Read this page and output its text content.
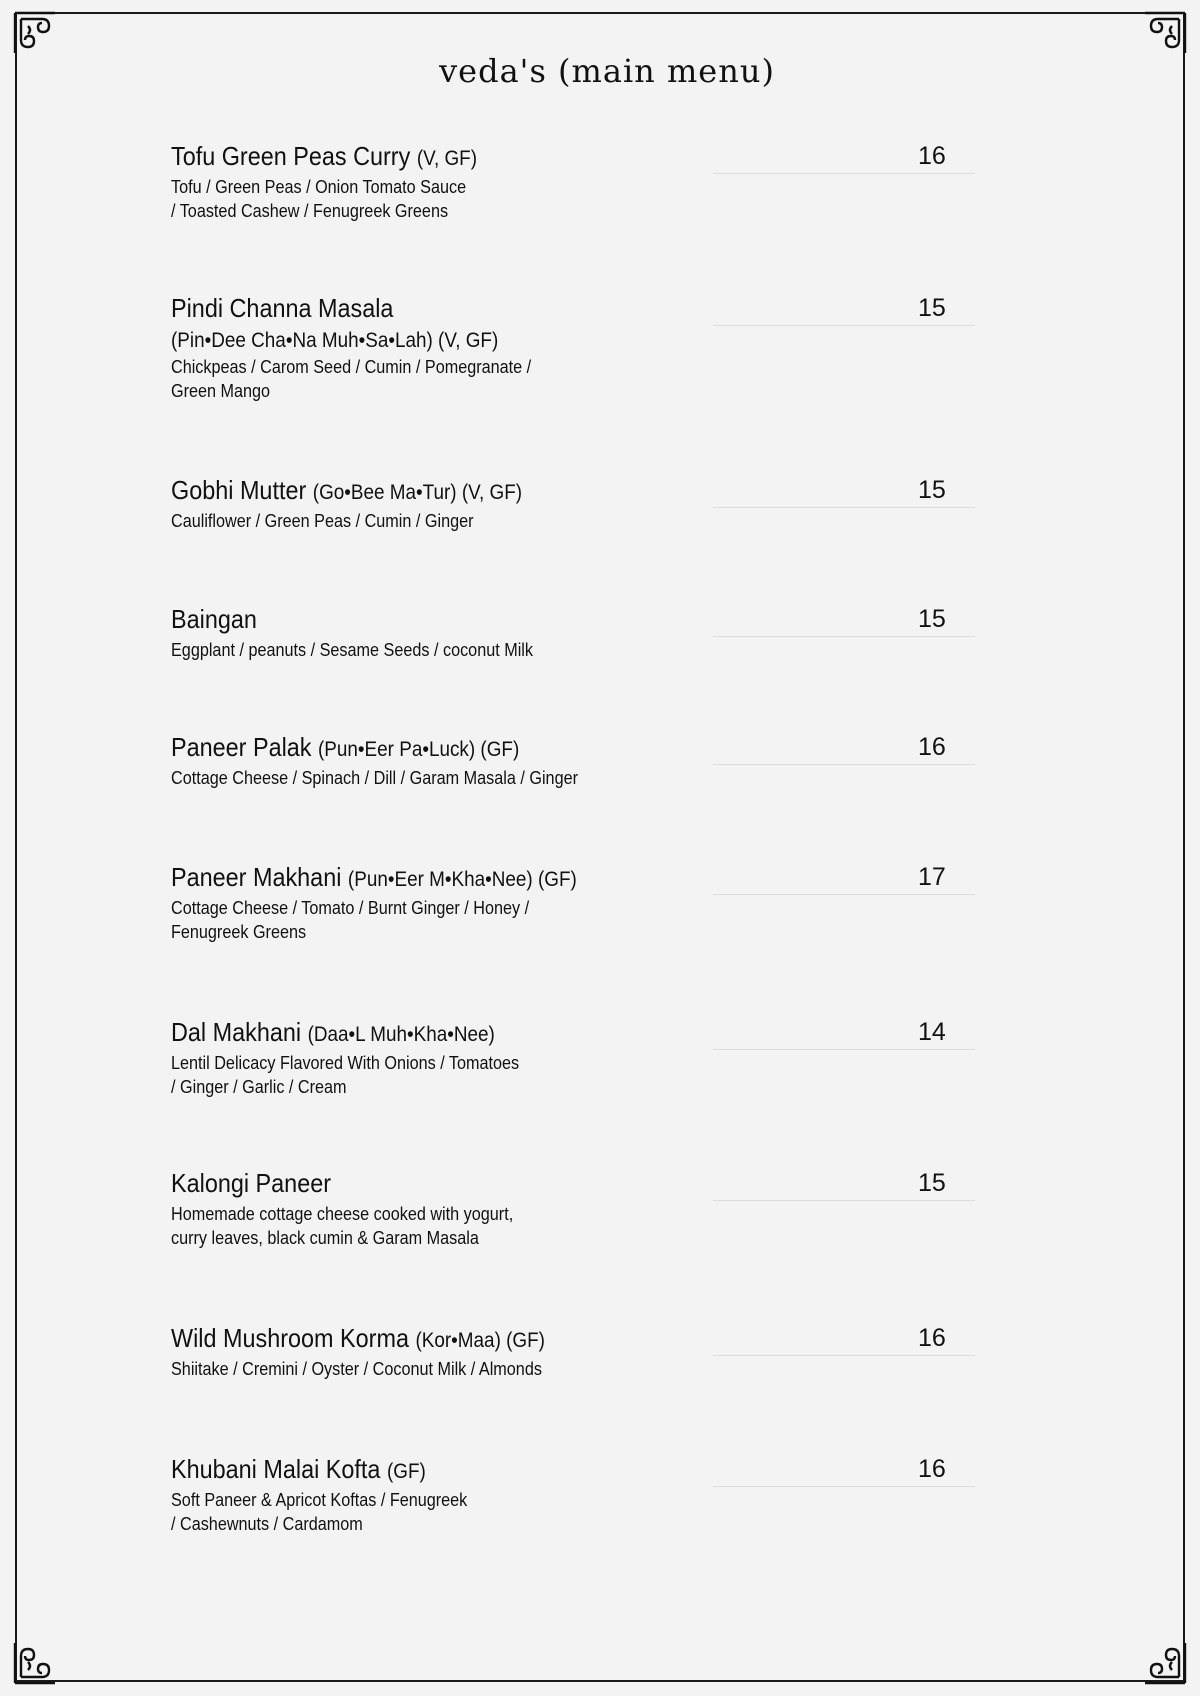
veda's (main menu)

Tofu Green Peas Curry (V, GF)

Tofu / Green Peas / Onion Tomato Sauce

/ Toasted Cashew / Fenugreek Greens

16

Pindi Channa Masala

(Pin•Dee Cha•Na Muh•Sa•Lah) (V, GF)

Chickpeas / Carom Seed / Cumin / Pomegranate /

Green Mango

15

Gobhi Mutter (Go•Bee Ma•Tur) (V, GF)

Cauliflower / Green Peas / Cumin / Ginger

15

Baingan

Eggplant / peanuts / Sesame Seeds / coconut Milk

15

Paneer Palak (Pun•Eer Pa•Luck) (GF)

Cottage Cheese / Spinach / Dill / Garam Masala / Ginger

16

Paneer Makhani (Pun•Eer M•Kha•Nee) (GF)

Cottage Cheese / Tomato / Burnt Ginger / Honey /

Fenugreek Greens

17

Dal Makhani (Daa•L Muh•Kha•Nee)

Lentil Delicacy Flavored With Onions / Tomatoes

/ Ginger / Garlic / Cream

14

Kalongi Paneer

Homemade cottage cheese cooked with yogurt,

curry leaves, black cumin & Garam Masala

15

Wild Mushroom Korma (Kor•Maa) (GF)

Shiitake / Cremini / Oyster / Coconut Milk / Almonds

16

Khubani Malai Kofta (GF)

Soft Paneer & Apricot Koftas / Fenugreek

/ Cashewnuts / Cardamom

16
